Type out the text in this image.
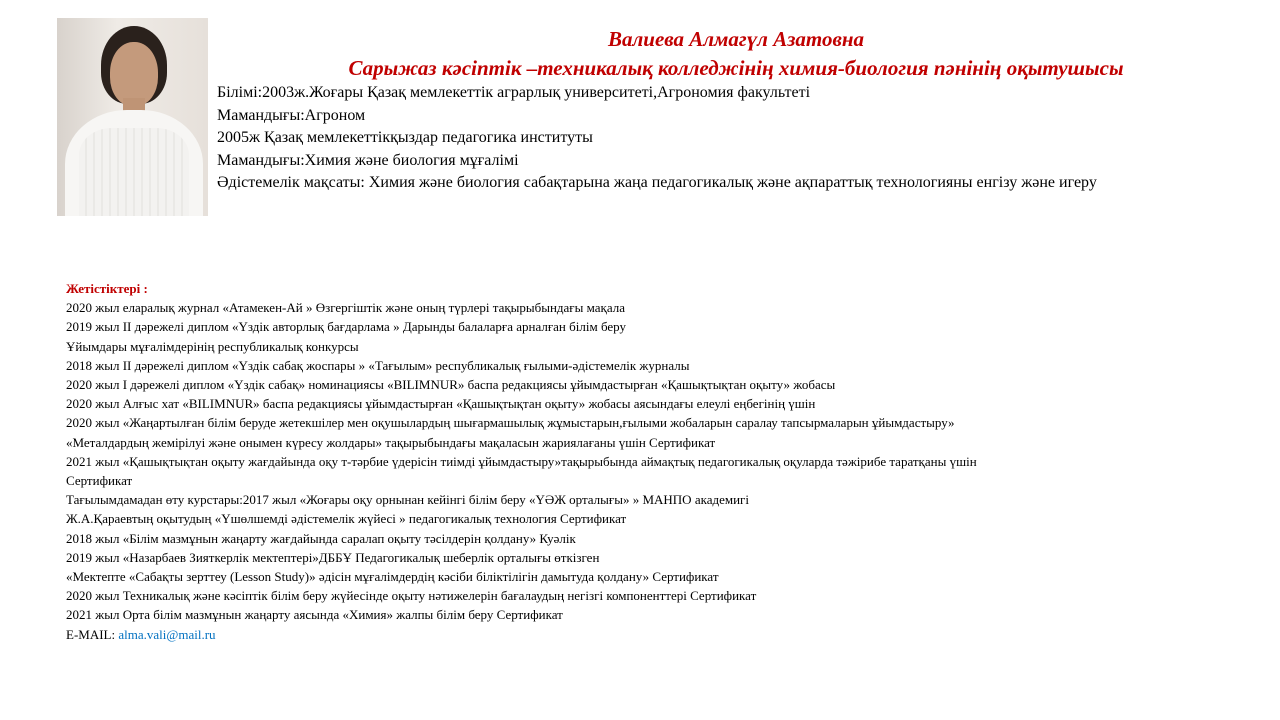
Валиева Алмагүл Азатовна
Сарыжаз кәсіптік –техникалық колледжінің химия-биология пәнінің оқытушысы
Білімі:2003ж.Жоғары Қазақ мемлекеттік аграрлық университеті,Агрономия факультеті
Мамандығы:Агроном
2005ж Қазақ мемлекеттікқыздар педагогика институты
Мамандығы:Химия және биология мұғалімі
Әдістемелік мақсаты: Химия және биология сабақтарына жаңа педагогикалық және ақпараттық технологияны енгізу және игеру
Жетістіктері :
2020 жыл еларалық журнал «Атамекен-Ай » Өзгергіштік және оның түрлері тақырыбындағы мақала
2019 жыл II дәрежелі диплом «Үздік авторлық бағдарлама » Дарынды балаларға арналған білім беру
Ұйымдары мұғалімдерінің республикалық конкурсы
2018 жыл II дәрежелі диплом «Үздік сабақ жоспары » «Тағылым» республикалық ғылыми-әдістемелік журналы
2020 жыл I дәрежелі диплом «Үздік сабақ» номинациясы «BILIMNUR» баспа редакциясы ұйымдастырған «Қашықтықтан оқыту» жобасы
2020 жыл Алғыс хат «BILIMNUR» баспа редакциясы ұйымдастырған «Қашықтықтан оқыту» жобасы аясындағы елеулі еңбегінің үшін
2020 жыл «Жаңартылған білім беруде жетекшілер мен оқушылардың шығармашылық жұмыстарын,ғылыми жобаларын саралау тапсырмаларын ұйымдастыру»
«Металдардың жемірілуі және онымен күресу жолдары» тақырыбындағы мақаласын жариялағаны үшін Сертификат
2021 жыл «Қашықтықтан оқыту жағдайында оқу т-тәрбие үдерісін тиімді ұйымдастыру»тақырыбында аймақтық педагогикалық оқуларда тәжірибе таратқаны үшін
Сертификат
Тағылымдамадан өту курстары:2017 жыл «Жоғары оқу орнынан кейінгі білім беру «ҮӘЖ орталығы» » МАНПО академигі
Ж.А.Қараевтың оқытудың «Үшөлшемді әдістемелік жүйесі » педагогикалық технология Сертификат
2018 жыл «Білім мазмұнын жаңарту жағдайында саралап оқыту тәсілдерін қолдану» Куәлік
2019 жыл «Назарбаев Зияткерлік мектептері»ДББҰ Педагогикалық шеберлік орталығы өткізген
«Мектепте «Сабақты зерттеу (Lesson Study)» әдісін мұғалімдердің кәсіби біліктілігін дамытуда қолдану» Сертификат
2020 жыл Техникалық және кәсіптік білім беру жүйесінде оқыту нәтижелерін бағалаудың негізгі компоненттері Сертификат
2021 жыл Орта білім мазмұнын жаңарту аясында «Химия» жалпы білім беру Сертификат
E-MAIL: alma.vali@mail.ru
